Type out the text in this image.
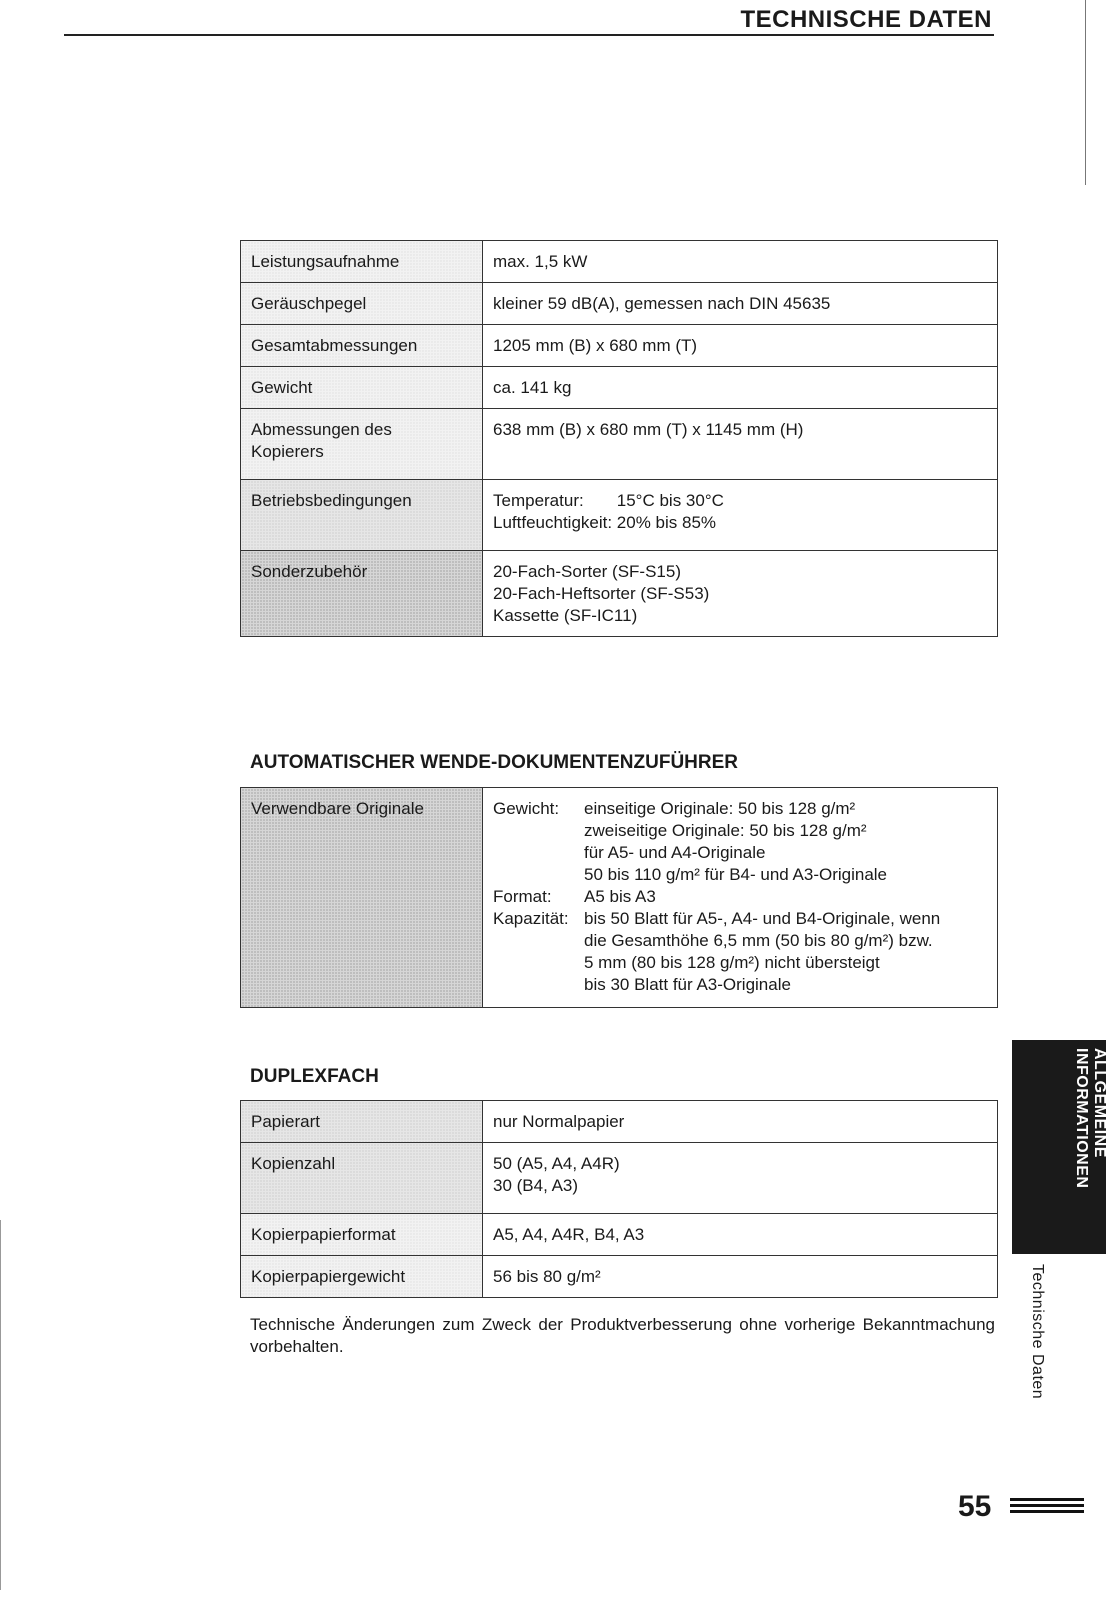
TECHNISCHE DATEN
Leistungsaufnahme	max. 1,5 kW

Geräuschpegel	kleiner 59 dB(A), gemessen nach DIN 45635

Gesamtabmessungen	1205 mm (B) x 680 mm (T)

Gewicht	ca. 141 kg

Abmessungen des
Kopierers	638 mm (B) x 680 mm (T) x 1145 mm (H)

Betriebsbedingungen	Temperatur:       15°C bis 30°C
Luftfeuchtigkeit: 20% bis 85%

Sonderzubehör	20-Fach-Sorter (SF-S15)
20-Fach-Heftsorter (SF-S53)
Kassette (SF-IC11)
AUTOMATISCHER WENDE-DOKUMENTENZUFÜHRER
Verwendbare Originale	Gewicht:	einseitige Originale: 50 bis 128 g/m²
zweiseitige Originale: 50 bis 128 g/m²
für A5- und A4-Originale
50 bis 110 g/m² für B4- und A3-Originale
Format:	A5 bis A3
Kapazität: bis 50 Blatt für A5-, A4- und B4-Originale, wenn
die Gesamthöhe 6,5 mm (50 bis 80 g/m²) bzw.
5 mm (80 bis 128 g/m²) nicht übersteigt
bis 30 Blatt für A3-Originale
DUPLEXFACH
Papierart	nur Normalpapier

Kopienzahl	50 (A5, A4, A4R)
30 (B4, A3)

Kopierpapierformat	A5, A4, A4R, B4, A3

Kopierpapiergewicht	56 bis 80 g/m²
Technische Änderungen zum Zweck der Produktverbesserung ohne vorherige Bekanntmachung vorbehalten.
ALLGEMEINE
INFORMATIONEN
Technische Daten
55
